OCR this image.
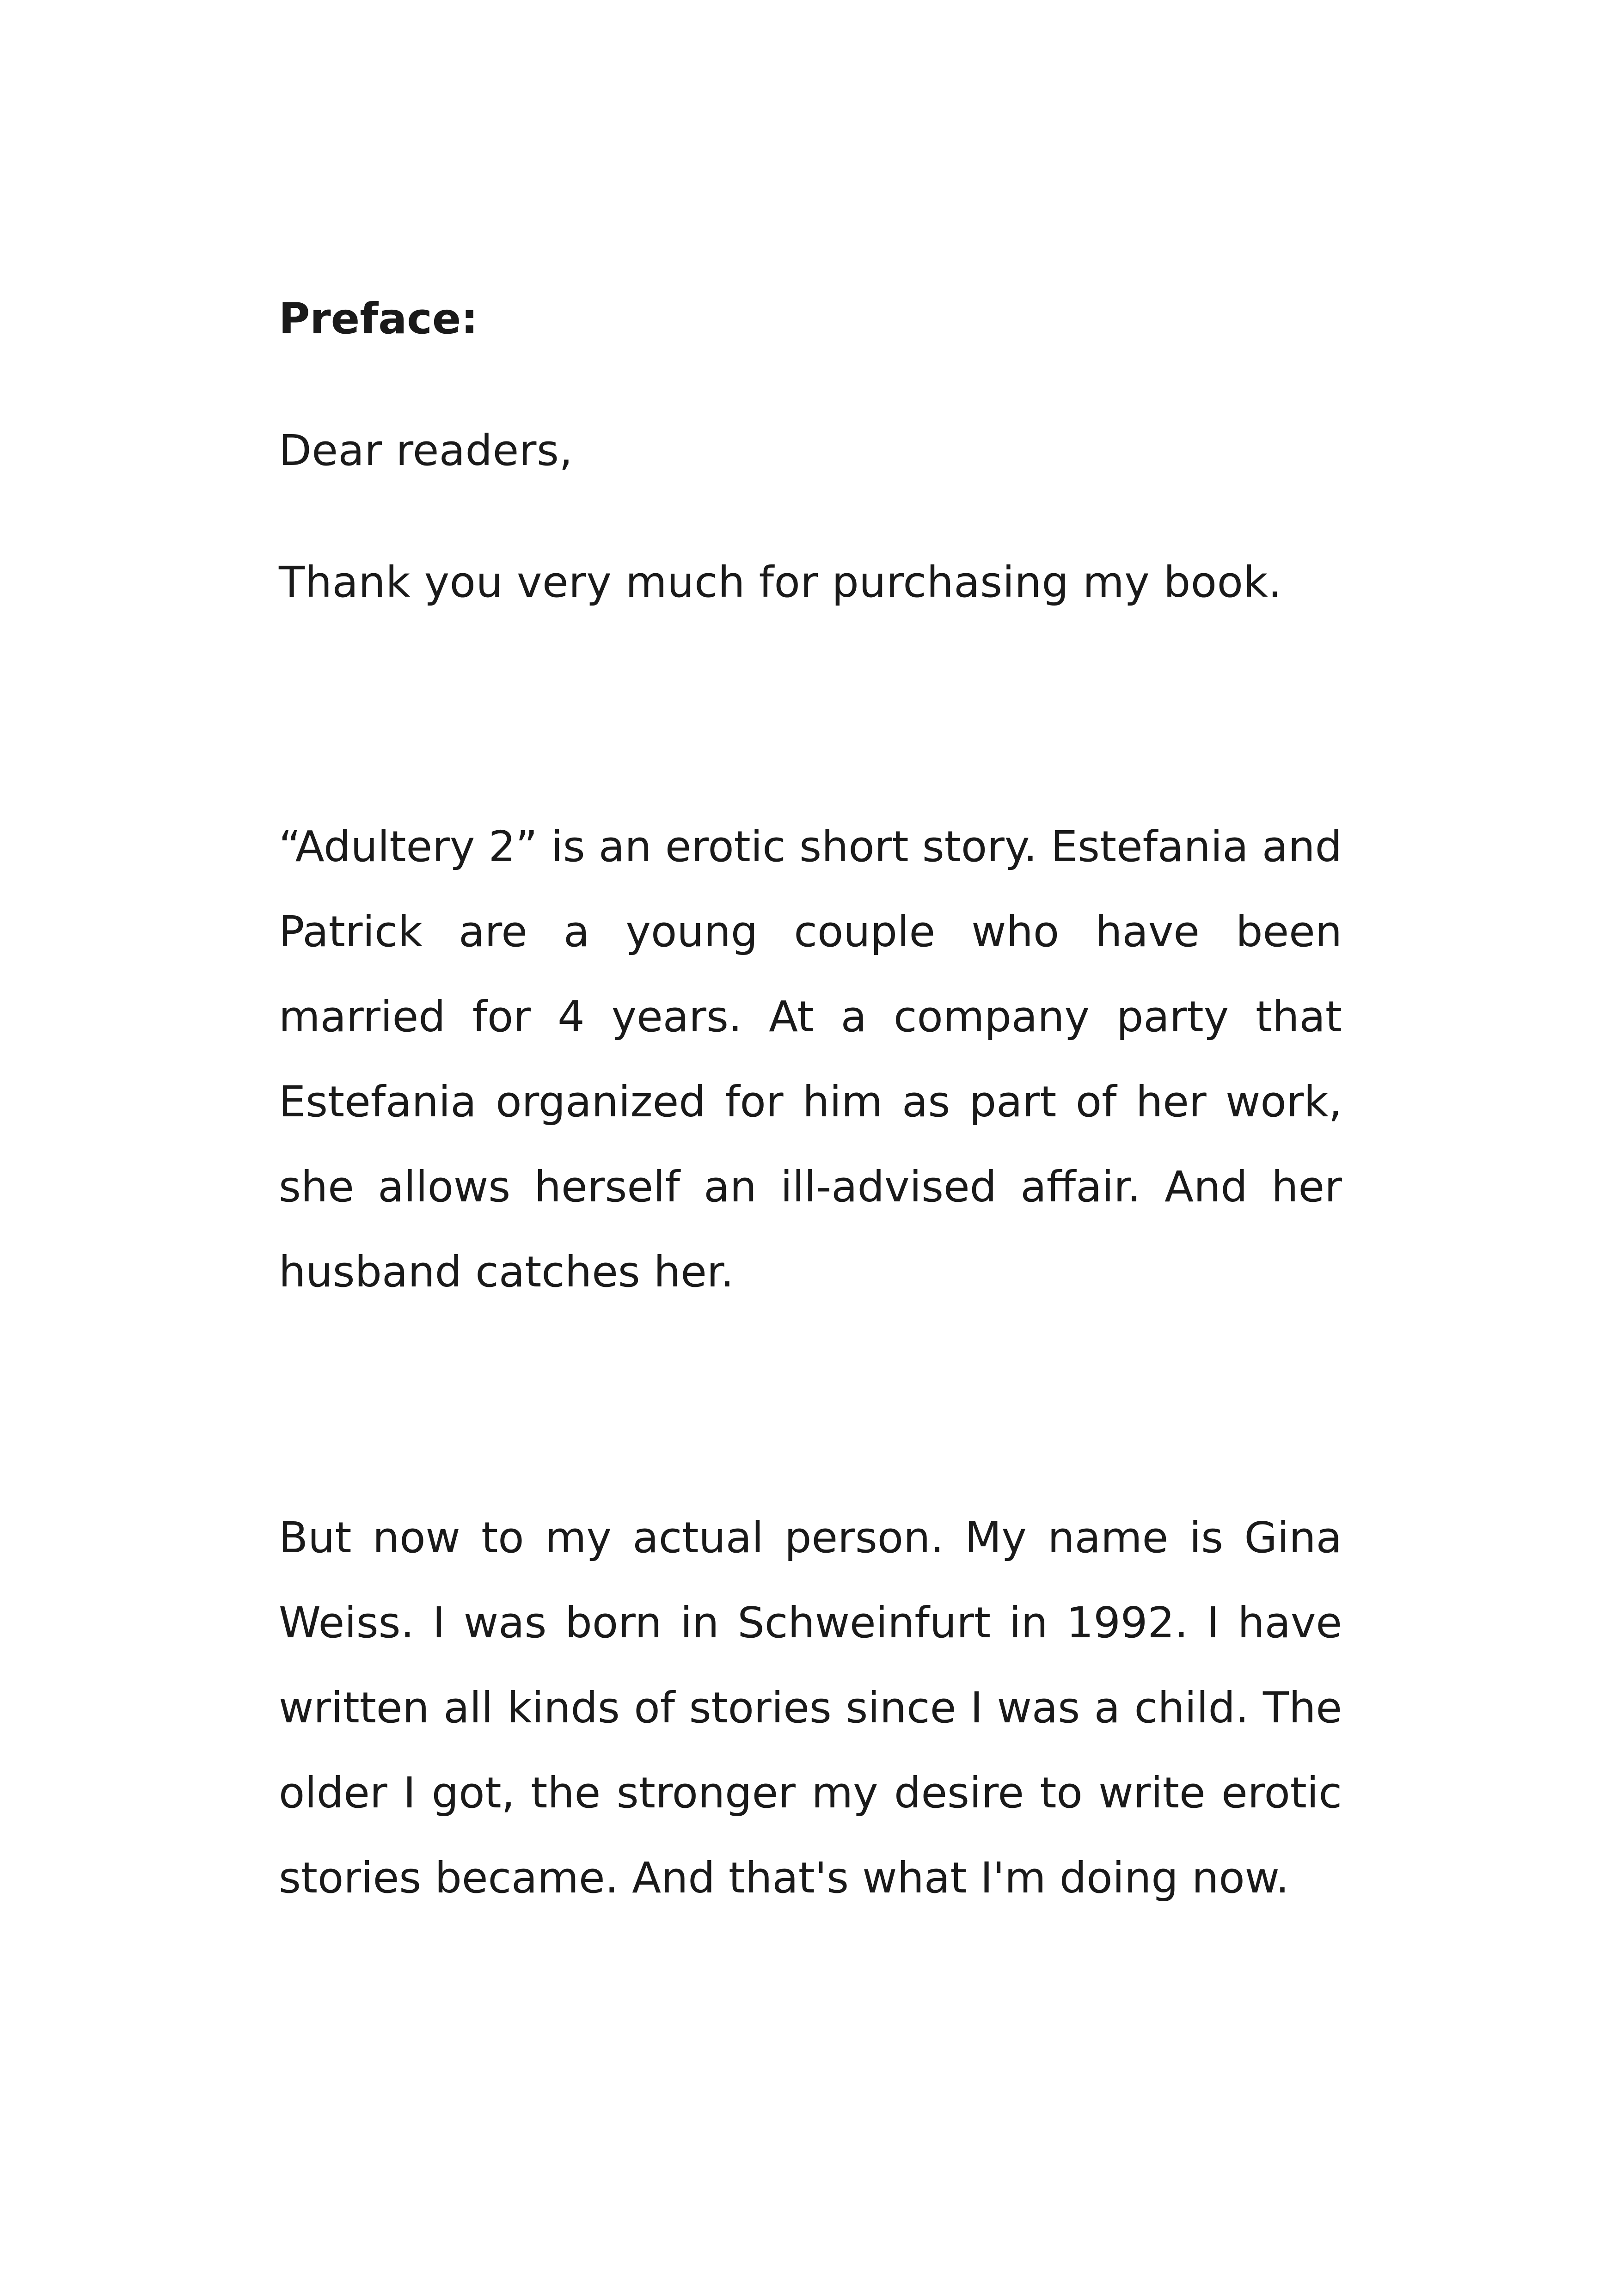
Preface:

Dear readers,

Thank you very much for purchasing my book.

“Adultery 2” is an erotic short story. Estefania and Patrick are a young couple who have been married for 4 years. At a company party that Estefania organized for him as part of her work, she allows herself an ill-advised affair. And her husband catches her.

But now to my actual person. My name is Gina Weiss. I was born in Schweinfurt in 1992. I have written all kinds of stories since I was a child. The older I got, the stronger my desire to write erotic stories became. And that's what I'm doing now.
